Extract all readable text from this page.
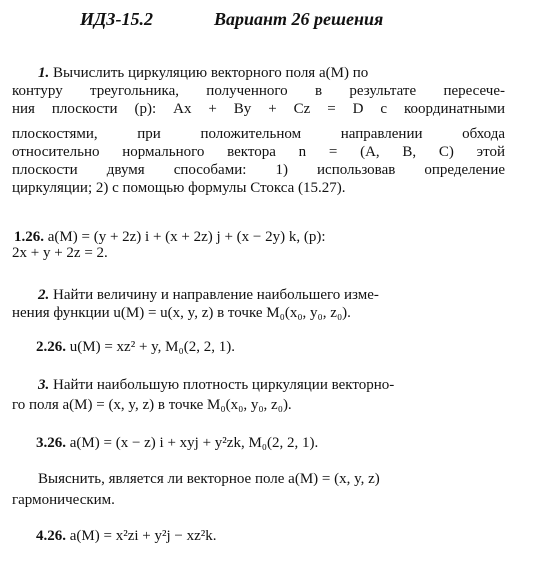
ИДЗ-15.2	Вариант 26 решения
1. Вычислить циркуляцию векторного поля a(M) по
контуру треугольника, полученного в результате пересече-
ния плоскости (p): Ax + By + Cz = D с координатными
плоскостями, при положительном направлении обхода
относительно нормального вектора n = (A, B, C) этой
плоскости двумя способами: 1) использовав определение
циркуляции; 2) с помощью формулы Стокса (15.27).
1.26. a(M) = (y + 2z) i + (x + 2z) j + (x − 2y) k, (p):
2x + y + 2z = 2.
2. Найти величину и направление наибольшего изме-
нения функции u(M) = u(x, y, z) в точке M₀(x₀, y₀, z₀).
2.26. u(M) = xz² + y, M₀(2, 2, 1).
3. Найти наибольшую плотность циркуляции векторно-
го поля a(M) = (x, y, z) в точке M₀(x₀, y₀, z₀).
3.26. a(M) = (x − z) i + xyj + y²zk, M₀(2, 2, 1).
Выяснить, является ли векторное поле a(M) = (x, y, z)
гармоническим.
4.26. a(M) = x²zi + y²j − xz²k.
